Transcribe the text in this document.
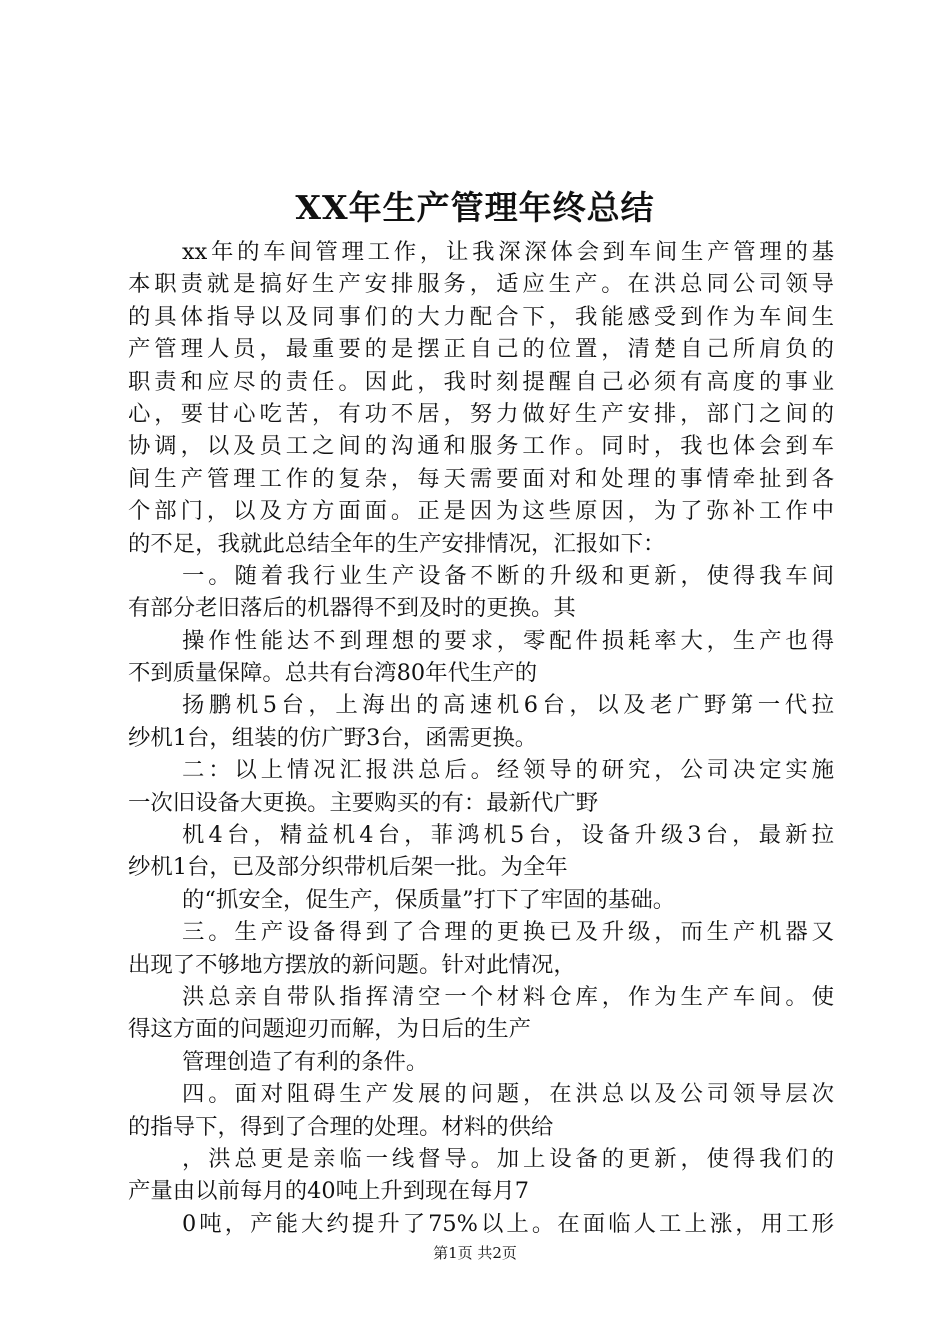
XX年生产管理年终总结
xx年的车间管理工作，让我深深体会到车间生产管理的基
本职责就是搞好生产安排服务，适应生产。在洪总同公司领导
的具体指导以及同事们的大力配合下，我能感受到作为车间生
产管理人员，最重要的是摆正自己的位置，清楚自己所肩负的
职责和应尽的责任。因此，我时刻提醒自己必须有高度的事业
心，要甘心吃苦，有功不居，努力做好生产安排，部门之间的
协调，以及员工之间的沟通和服务工作。同时，我也体会到车
间生产管理工作的复杂，每天需要面对和处理的事情牵扯到各
个部门，以及方方面面。正是因为这些原因，为了弥补工作中
的不足，我就此总结全年的生产安排情况，汇报如下：
一。随着我行业生产设备不断的升级和更新，使得我车间
有部分老旧落后的机器得不到及时的更换。其
操作性能达不到理想的要求，零配件损耗率大，生产也得
不到质量保障。总共有台湾80年代生产的
扬鹏机5台，上海出的高速机6台，以及老广野第一代拉
纱机1台，组装的仿广野3台，函需更换。
二：以上情况汇报洪总后。经领导的研究，公司决定实施
一次旧设备大更换。主要购买的有：最新代广野
机4台，精益机4台，菲鸿机5台，设备升级3台，最新拉
纱机1台，已及部分织带机后架一批。为全年
的“抓安全，促生产，保质量”打下了牢固的基础。
三。生产设备得到了合理的更换已及升级，而生产机器又
出现了不够地方摆放的新问题。针对此情况，
洪总亲自带队指挥清空一个材料仓库，作为生产车间。使
得这方面的问题迎刃而解，为日后的生产
管理创造了有利的条件。
四。面对阻碍生产发展的问题，在洪总以及公司领导层次
的指导下，得到了合理的处理。材料的供给
，洪总更是亲临一线督导。加上设备的更新，使得我们的
产量由以前每月的40吨上升到现在每月7
0吨，产能大约提升了75%以上。在面临人工上涨，用工形
第1页 共2页
